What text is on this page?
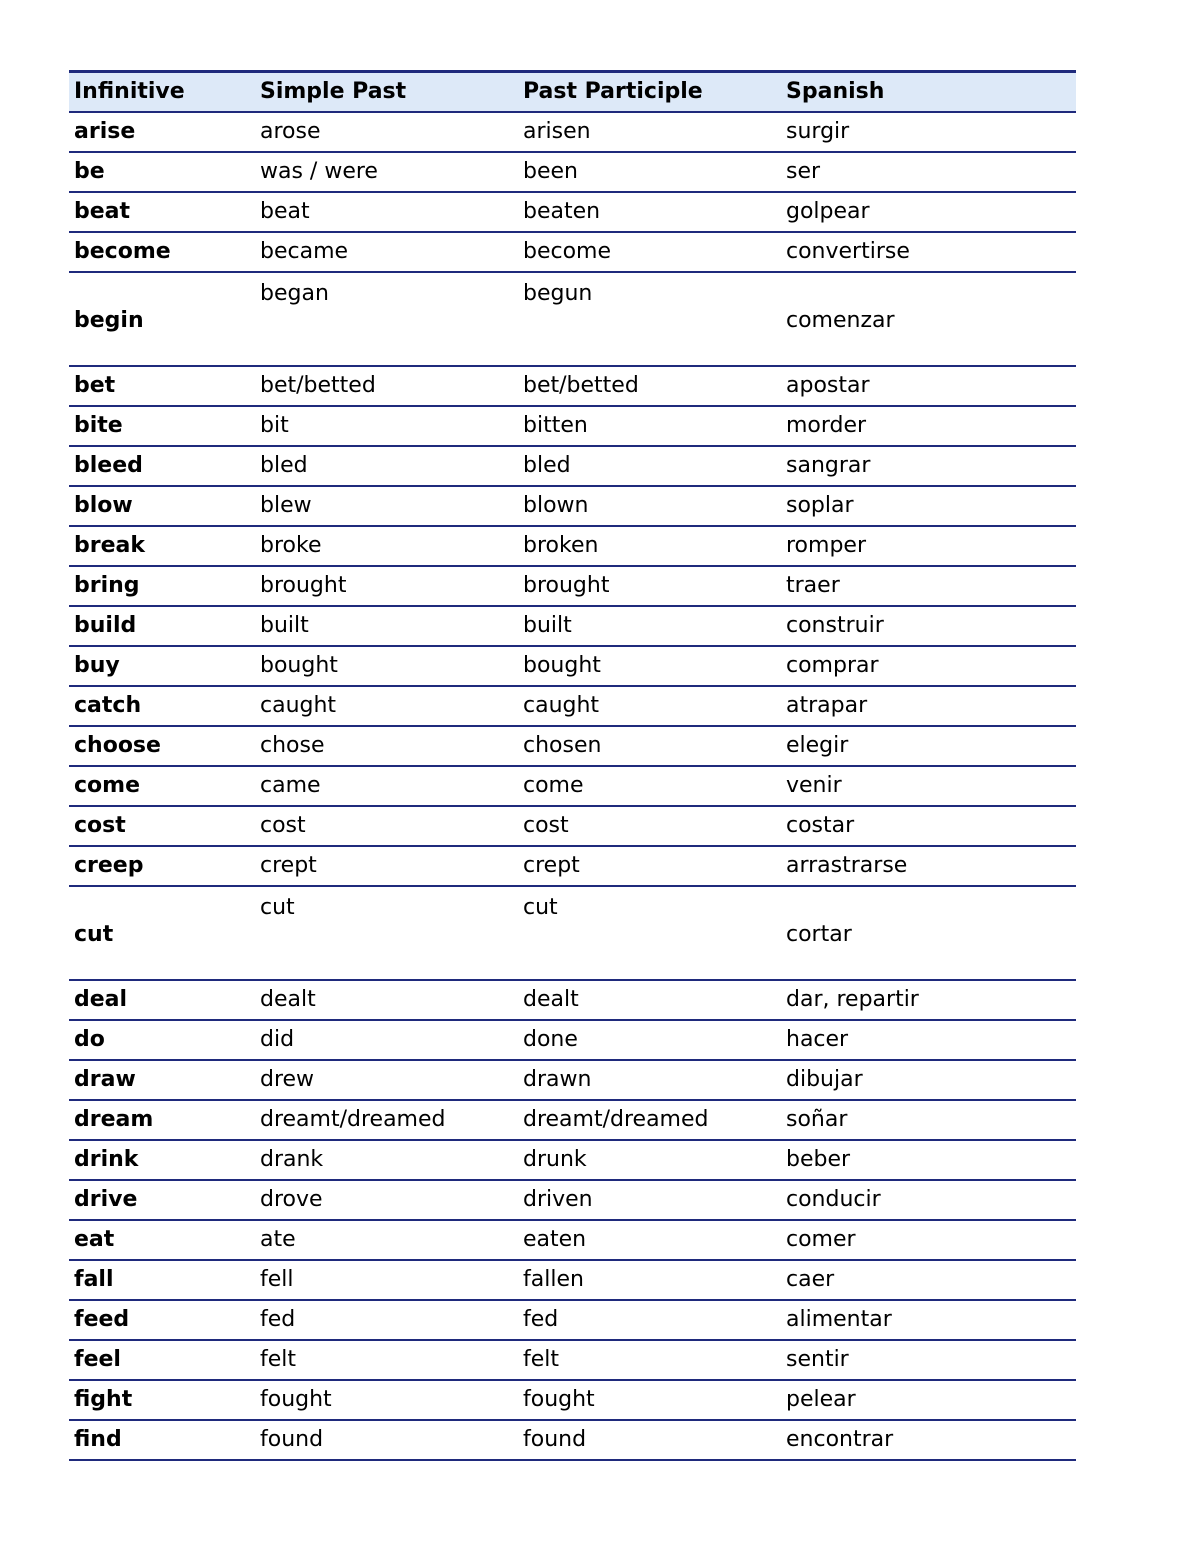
Infinitive	Simple Past	Past Participle	Spanish
arise	arose	arisen	surgir
be	was / were	been	ser
beat	beat	beaten	golpear
become	became	become	convertirse
begin	began	begun	comenzar
bet	bet/betted	bet/betted	apostar
bite	bit	bitten	morder
bleed	bled	bled	sangrar
blow	blew	blown	soplar
break	broke	broken	romper
bring	brought	brought	traer
build	built	built	construir
buy	bought	bought	comprar
catch	caught	caught	atrapar
choose	chose	chosen	elegir
come	came	come	venir
cost	cost	cost	costar
creep	crept	crept	arrastrarse
cut	cut	cut	cortar
deal	dealt	dealt	dar, repartir
do	did	done	hacer
draw	drew	drawn	dibujar
dream	dreamt/dreamed	dreamt/dreamed	soñar
drink	drank	drunk	beber
drive	drove	driven	conducir
eat	ate	eaten	comer
fall	fell	fallen	caer
feed	fed	fed	alimentar
feel	felt	felt	sentir
fight	fought	fought	pelear
find	found	found	encontrar
